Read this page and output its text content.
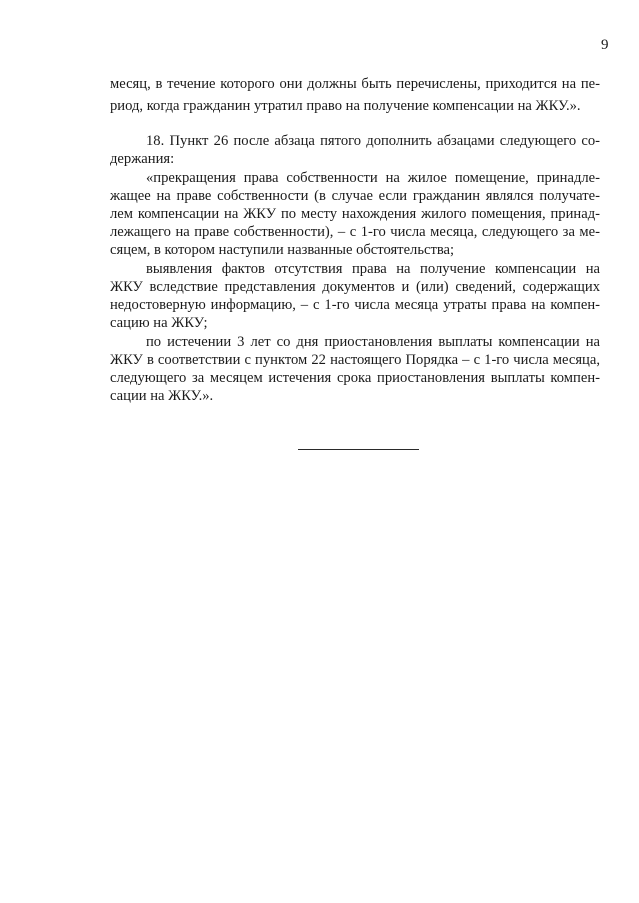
9
месяц, в течение которого они должны быть перечислены, приходится на пе-
риод, когда гражданин утратил право на получение компенсации на ЖКУ.».
18. Пункт 26 после абзаца пятого дополнить абзацами следующего со-
держания:
«прекращения права собственности на жилое помещение, принадле-
жащее на праве собственности (в случае если гражданин являлся получате-
лем компенсации на ЖКУ по месту нахождения жилого помещения, принад-
лежащего на праве собственности), – с 1-го числа месяца, следующего за ме-
сяцем, в котором наступили названные обстоятельства;
выявления фактов отсутствия права на получение компенсации на
ЖКУ вследствие представления документов и (или) сведений, содержащих
недостоверную информацию, – с 1-го числа месяца утраты права на компен-
сацию на ЖКУ;
по истечении 3 лет со дня приостановления выплаты компенсации на
ЖКУ в соответствии с пунктом 22 настоящего Порядка – с 1-го числа месяца,
следующего за месяцем истечения срока приостановления выплаты компен-
сации на ЖКУ.».
